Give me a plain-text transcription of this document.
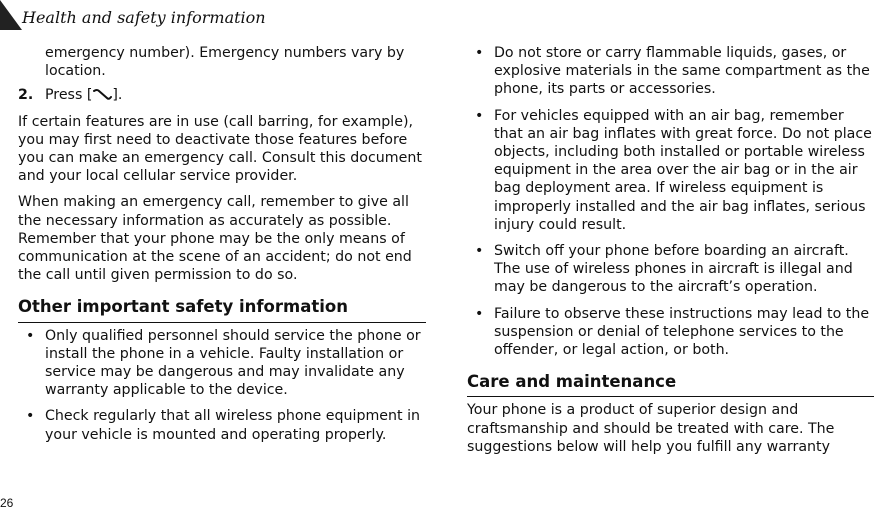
Health and safety information

emergency number). Emergency numbers vary by location.

2. Press [ ].

If certain features are in use (call barring, for example), you may first need to deactivate those features before you can make an emergency call. Consult this document and your local cellular service provider.

When making an emergency call, remember to give all the necessary information as accurately as possible. Remember that your phone may be the only means of communication at the scene of an accident; do not end the call until given permission to do so.

Other important safety information
• Only qualified personnel should service the phone or install the phone in a vehicle. Faulty installation or service may be dangerous and may invalidate any warranty applicable to the device.
• Check regularly that all wireless phone equipment in your vehicle is mounted and operating properly.
• Do not store or carry flammable liquids, gases, or explosive materials in the same compartment as the phone, its parts or accessories.
• For vehicles equipped with an air bag, remember that an air bag inflates with great force. Do not place objects, including both installed or portable wireless equipment in the area over the air bag or in the air bag deployment area. If wireless equipment is improperly installed and the air bag inflates, serious injury could result.
• Switch off your phone before boarding an aircraft. The use of wireless phones in aircraft is illegal and may be dangerous to the aircraft’s operation.
• Failure to observe these instructions may lead to the suspension or denial of telephone services to the offender, or legal action, or both.
Care and maintenance

Your phone is a product of superior design and craftsmanship and should be treated with care. The suggestions below will help you fulfill any warranty

26
